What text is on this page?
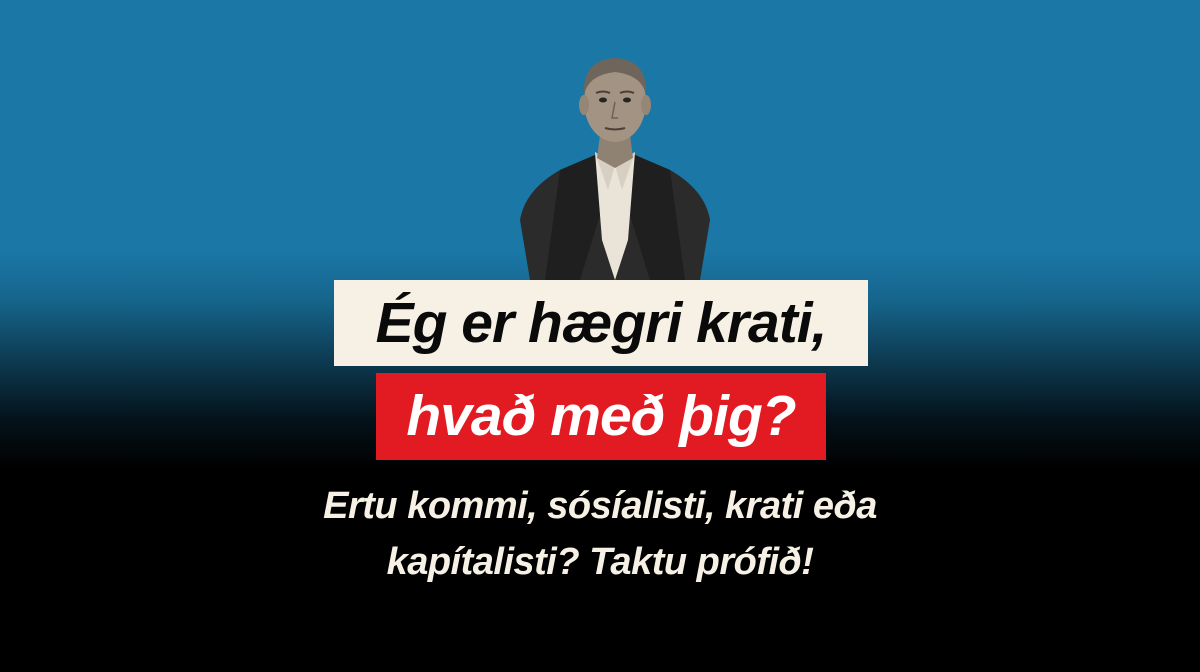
Ég er hægri krati,
hvað með þig?
Ertu kommi, sósíalisti, krati eða
kapítalisti? Taktu prófið!
